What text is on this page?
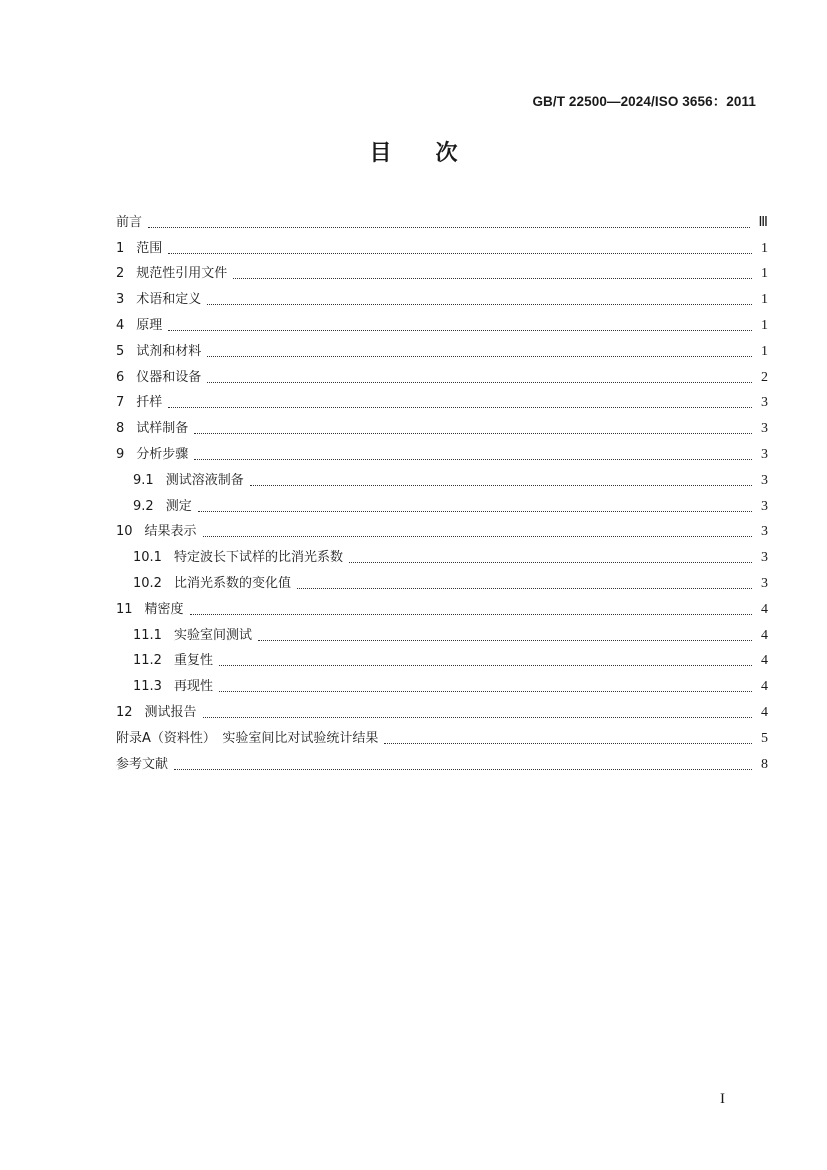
GB/T 22500—2024/ISO 3656：2011
目次
前言	Ⅲ
1 范围	1
2 规范性引用文件	1
3 术语和定义	1
4 原理	1
5 试剂和材料	1
6 仪器和设备	2
7 扦样	3
8 试样制备	3
9 分析步骤	3
9.1 测试溶液制备	3
9.2 测定	3
10 结果表示	3
10.1 特定波长下试样的比消光系数	3
10.2 比消光系数的变化值	3
11 精密度	4
11.1 实验室间测试	4
11.2 重复性	4
11.3 再现性	4
12 测试报告	4
附录A（资料性）　实验室间比对试验统计结果	5
参考文献	8
I
